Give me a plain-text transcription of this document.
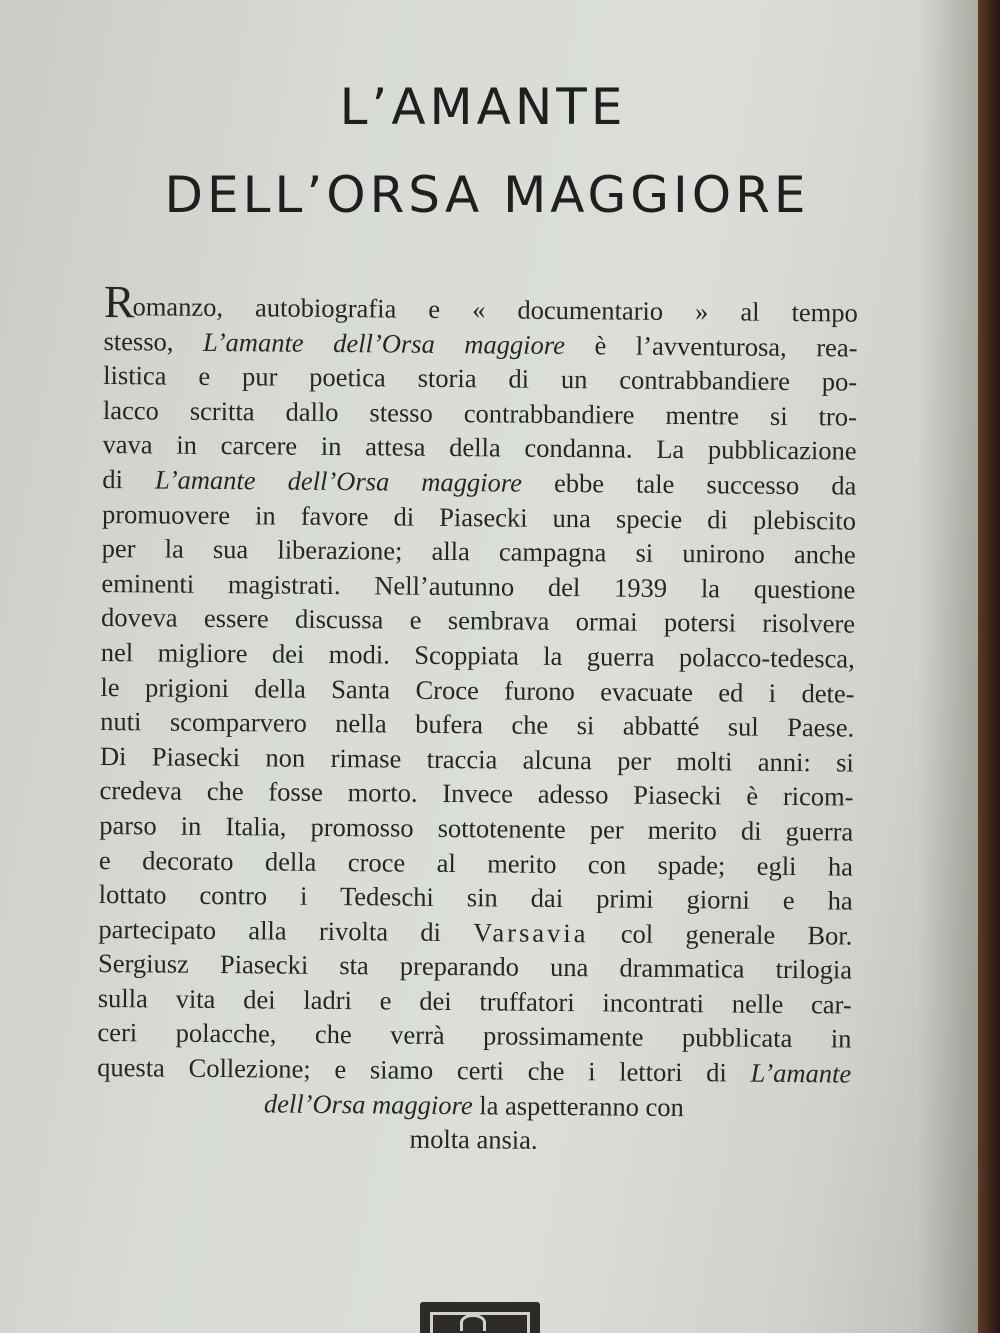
L’AMANTE
DELL’ORSA MAGGIORE
Romanzo, autobiografia e « documentario » al tempo
stesso, L’amante dell’Orsa maggiore è l’avventurosa, rea-
listica e pur poetica storia di un contrabbandiere po-
lacco scritta dallo stesso contrabbandiere mentre si tro-
vava in carcere in attesa della condanna. La pubblicazione
di L’amante dell’Orsa maggiore ebbe tale successo da
promuovere in favore di Piasecki una specie di plebiscito
per la sua liberazione; alla campagna si unirono anche
eminenti magistrati. Nell’autunno del 1939 la questione
doveva essere discussa e sembrava ormai potersi risolvere
nel migliore dei modi. Scoppiata la guerra polacco-tedesca,
le prigioni della Santa Croce furono evacuate ed i dete-
nuti scomparvero nella bufera che si abbatté sul Paese.
Di Piasecki non rimase traccia alcuna per molti anni: si
credeva che fosse morto. Invece adesso Piasecki è ricom-
parso in Italia, promosso sottotenente per merito di guerra
e decorato della croce al merito con spade; egli ha
lottato contro i Tedeschi sin dai primi giorni e ha
partecipato alla rivolta di Varsavia col generale Bor.
Sergiusz Piasecki sta preparando una drammatica trilogia
sulla vita dei ladri e dei truffatori incontrati nelle car-
ceri polacche, che verrà prossimamente pubblicata in
questa Collezione; e siamo certi che i lettori di L’amante
dell’Orsa maggiore la aspetteranno con
molta ansia.
